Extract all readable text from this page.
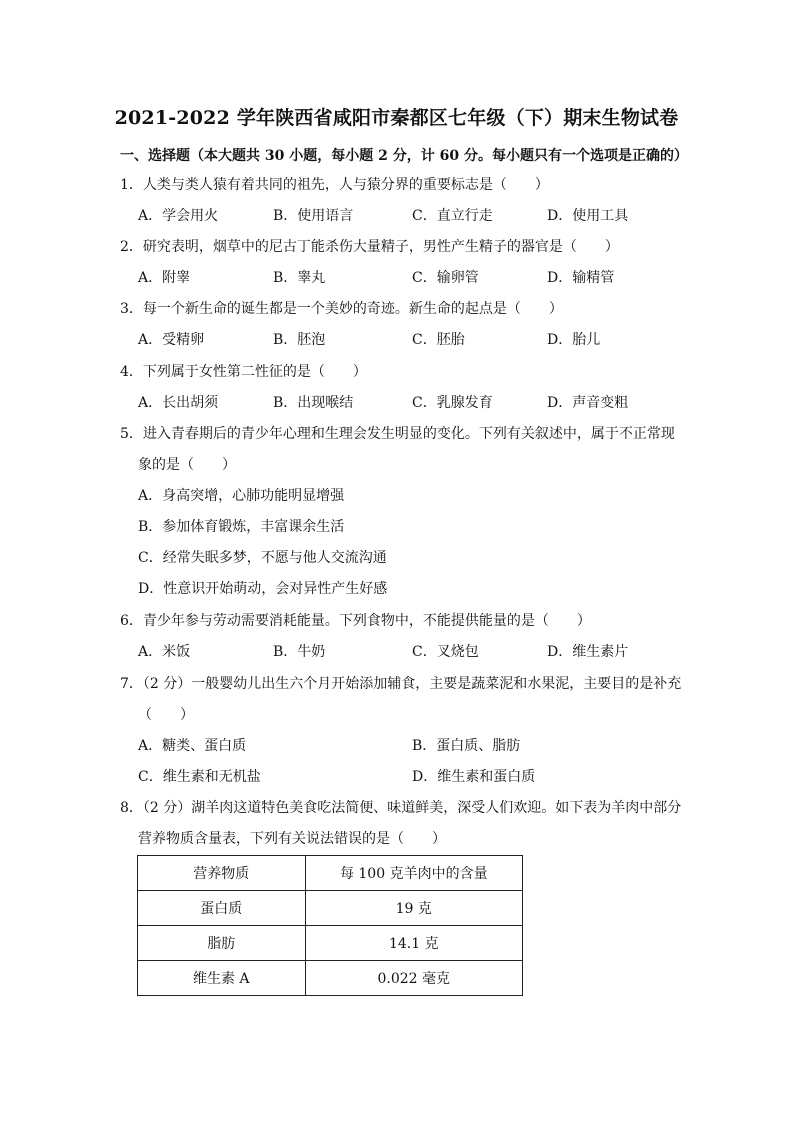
2021-2022 学年陕西省咸阳市秦都区七年级（下）期末生物试卷
一、选择题（本大题共 30 小题，每小题 2 分，计 60 分。每小题只有一个选项是正确的）
1．人类与类人猿有着共同的祖先，人与猿分界的重要标志是（　　）
A．学会用火	B．使用语言	C．直立行走	D．使用工具
2．研究表明，烟草中的尼古丁能杀伤大量精子，男性产生精子的器官是（　　）
A．附睾	B．睾丸	C．输卵管	D．输精管
3．每一个新生命的诞生都是一个美妙的奇迹。新生命的起点是（　　）
A．受精卵	B．胚泡	C．胚胎	D．胎儿
4．下列属于女性第二性征的是（　　）
A．长出胡须	B．出现喉结	C．乳腺发育	D．声音变粗
5．进入青春期后的青少年心理和生理会发生明显的变化。下列有关叙述中，属于不正常现
象的是（　　）
A．身高突增，心肺功能明显增强
B．参加体育锻炼，丰富课余生活
C．经常失眠多梦，不愿与他人交流沟通
D．性意识开始萌动，会对异性产生好感
6．青少年参与劳动需要消耗能量。下列食物中，不能提供能量的是（　　）
A．米饭	B．牛奶	C．叉烧包	D．维生素片
7．（2 分）一般婴幼儿出生六个月开始添加辅食，主要是蔬菜泥和水果泥，主要目的是补充
（　　）
A．糖类、蛋白质	B．蛋白质、脂肪
C．维生素和无机盐	D．维生素和蛋白质
8．（2 分）湖羊肉这道特色美食吃法简便、味道鲜美，深受人们欢迎。如下表为羊肉中部分
营养物质含量表，下列有关说法错误的是（　　）
营养物质	每 100 克羊肉中的含量
蛋白质	19 克
脂肪	14.1 克
维生素 A	0.022 毫克
